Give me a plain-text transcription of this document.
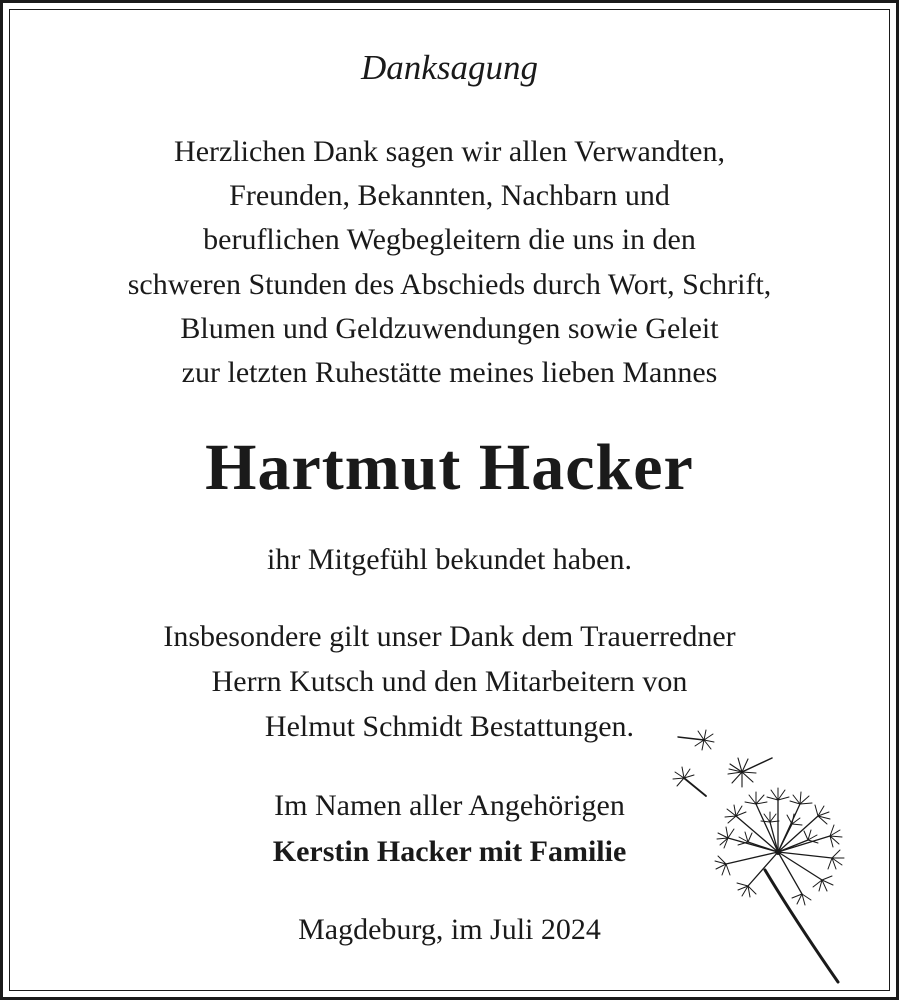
Danksagung
Herzlichen Dank sagen wir allen Verwandten,
Freunden, Bekannten, Nachbarn und
beruflichen Wegbegleitern die uns in den
schweren Stunden des Abschieds durch Wort, Schrift,
Blumen und Geldzuwendungen sowie Geleit
zur letzten Ruhestätte meines lieben Mannes
Hartmut Hacker
ihr Mitgefühl bekundet haben.
Insbesondere gilt unser Dank dem Trauerredner
Herrn Kutsch und den Mitarbeitern von
Helmut Schmidt Bestattungen.
Im Namen aller Angehörigen
Kerstin Hacker mit Familie
Magdeburg, im Juli 2024
